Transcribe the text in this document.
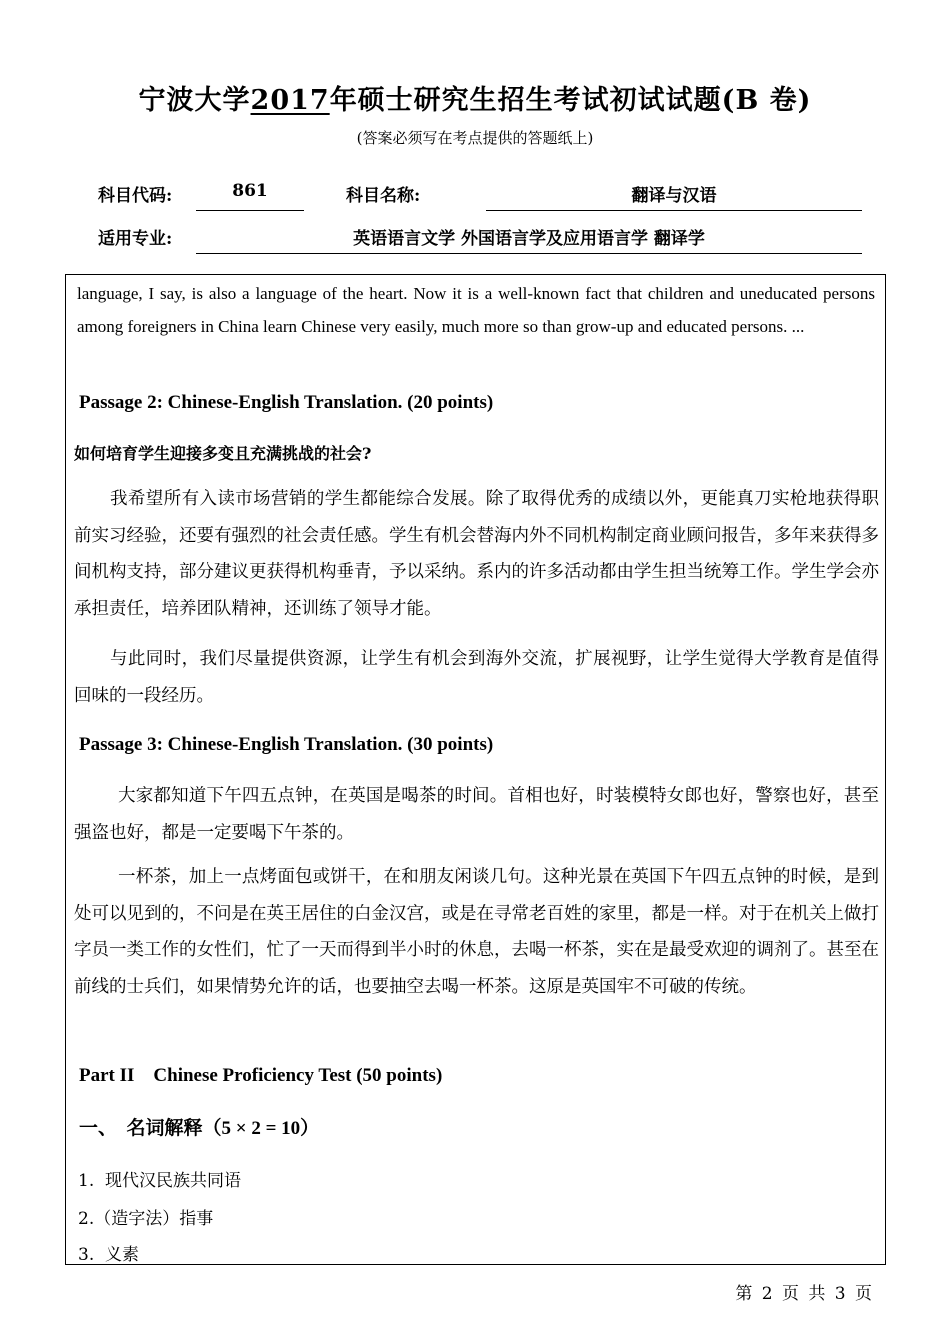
宁波大学2017年硕士研究生招生考试初试试题(B 卷)
(答案必须写在考点提供的答题纸上)
科目代码:	861	科目名称:	翻译与汉语
适用专业:	英语语言文学 外国语言学及应用语言学 翻译学
language, I say, is also a language of the heart. Now it is a well-known fact that children and uneducated persons among foreigners in China learn Chinese very easily, much more so than grow-up and educated persons. ...
Passage 2: Chinese-English Translation. (20 points)
如何培育学生迎接多变且充满挑战的社会?
我希望所有入读市场营销的学生都能综合发展。除了取得优秀的成绩以外，更能真刀实枪地获得职前实习经验，还要有强烈的社会责任感。学生有机会替海内外不同机构制定商业顾问报告，多年来获得多间机构支持，部分建议更获得机构垂青，予以采纳。系内的许多活动都由学生担当统筹工作。学生学会亦承担责任，培养团队精神，还训练了领导才能。
与此同时，我们尽量提供资源，让学生有机会到海外交流，扩展视野，让学生觉得大学教育是值得回味的一段经历。
Passage 3: Chinese-English Translation. (30 points)
大家都知道下午四五点钟，在英国是喝茶的时间。首相也好，时装模特女郎也好，警察也好，甚至强盗也好，都是一定要喝下午茶的。
一杯茶，加上一点烤面包或饼干，在和朋友闲谈几句。这种光景在英国下午四五点钟的时候，是到处可以见到的，不问是在英王居住的白金汉宫，或是在寻常老百姓的家里，都是一样。对于在机关上做打字员一类工作的女性们，忙了一天而得到半小时的休息，去喝一杯茶，实在是最受欢迎的调剂了。甚至在前线的士兵们，如果情势允许的话，也要抽空去喝一杯茶。这原是英国牢不可破的传统。
Part II    Chinese Proficiency Test (50 points)
一、  名词解释（5 × 2 = 10）
1.  现代汉民族共同语
2.（造字法）指事
3.  义素
第 2 页 共 3 页
